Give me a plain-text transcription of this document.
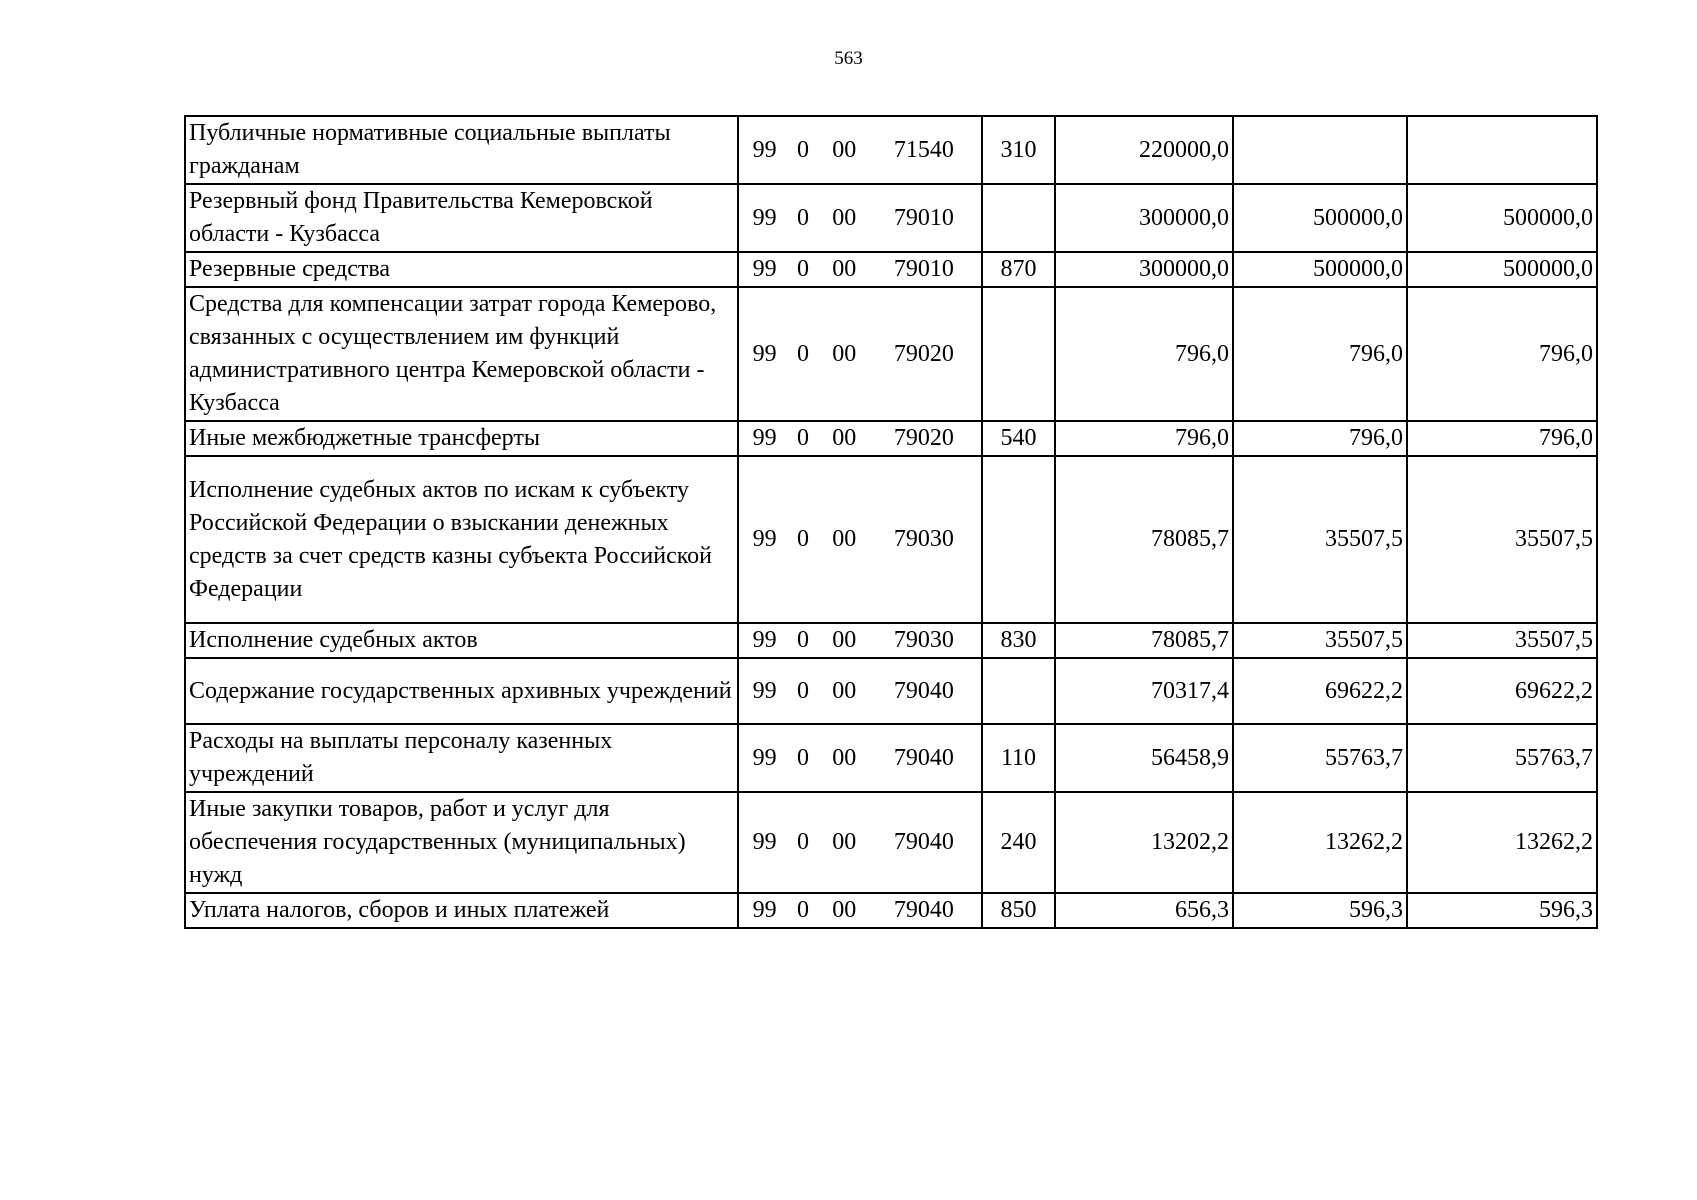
563
Публичные нормативные социальные выплаты гражданам	99 0 00 71540	310	220000,0		
Резервный фонд Правительства Кемеровской области - Кузбасса	99 0 00 79010		300000,0	500000,0	500000,0
Резервные средства	99 0 00 79010	870	300000,0	500000,0	500000,0
Средства для компенсации затрат города Кемерово, связанных с осуществлением им функций административного центра Кемеровской области - Кузбасса	99 0 00 79020		796,0	796,0	796,0
Иные межбюджетные трансферты	99 0 00 79020	540	796,0	796,0	796,0
Исполнение судебных актов по искам к субъекту Российской Федерации о взыскании денежных средств за счет средств казны субъекта Российской Федерации	99 0 00 79030		78085,7	35507,5	35507,5
Исполнение судебных актов	99 0 00 79030	830	78085,7	35507,5	35507,5
Содержание государственных архивных учреждений	99 0 00 79040		70317,4	69622,2	69622,2
Расходы на выплаты персоналу казенных учреждений	99 0 00 79040	110	56458,9	55763,7	55763,7
Иные закупки товаров, работ и услуг для обеспечения государственных (муниципальных) нужд	99 0 00 79040	240	13202,2	13262,2	13262,2
Уплата налогов, сборов и иных платежей	99 0 00 79040	850	656,3	596,3	596,3
